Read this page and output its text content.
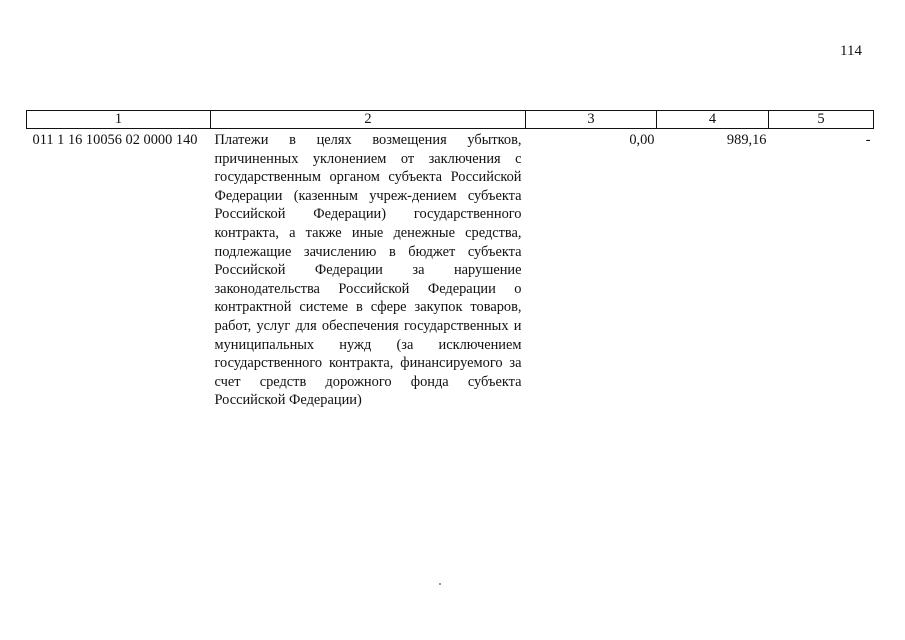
114
1	2	3	4	5
011 1 16 10056 02 0000 140	Платежи в целях возмещения убытков, причиненных уклонением от заключения с государственным органом субъекта Российской Федерации (казенным учреж-дением субъекта Российской Федерации) государственного контракта, а также иные денежные средства, подлежащие зачислению в бюджет субъекта Российской Федерации за нарушение законодательства Российской Федерации о контрактной системе в сфере закупок товаров, работ, услуг для обеспечения государственных и муниципальных нужд (за исключением государственного контракта, финансируемого за счет средств дорожного фонда субъекта Российской Федерации)	0,00	989,16	-
